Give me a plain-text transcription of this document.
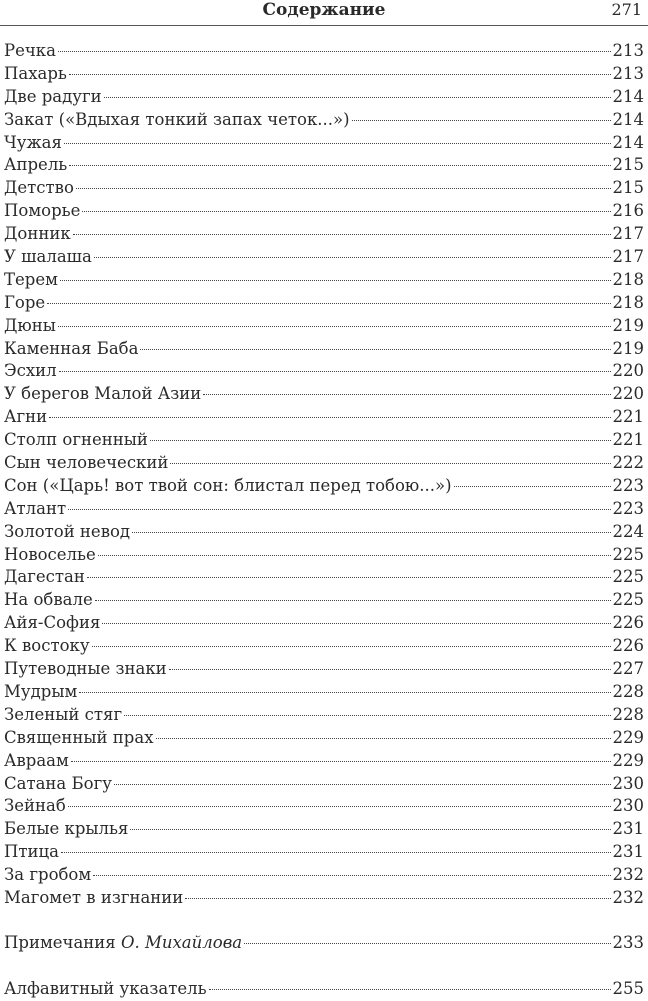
Содержание	271
Речка	213
Пахарь	213
Две радуги	214
Закат («Вдыхая тонкий запах четок...»)	214
Чужая	214
Апрель	215
Детство	215
Поморье	216
Донник	217
У шалаша	217
Терем	218
Горе	218
Дюны	219
Каменная Баба	219
Эсхил	220
У берегов Малой Азии	220
Агни	221
Столп огненный	221
Сын человеческий	222
Сон («Царь! вот твой сон: блистал перед тобою...»)	223
Атлант	223
Золотой невод	224
Новоселье	225
Дагестан	225
На обвале	225
Айя-София	226
К востоку	226
Путеводные знаки	227
Мудрым	228
Зеленый стяг	228
Священный прах	229
Авраам	229
Сатана Богу	230
Зейнаб	230
Белые крылья	231
Птица	231
За гробом	232
Магомет в изгнании	232
Примечания О. Михайлова	233
Алфавитный указатель	255
